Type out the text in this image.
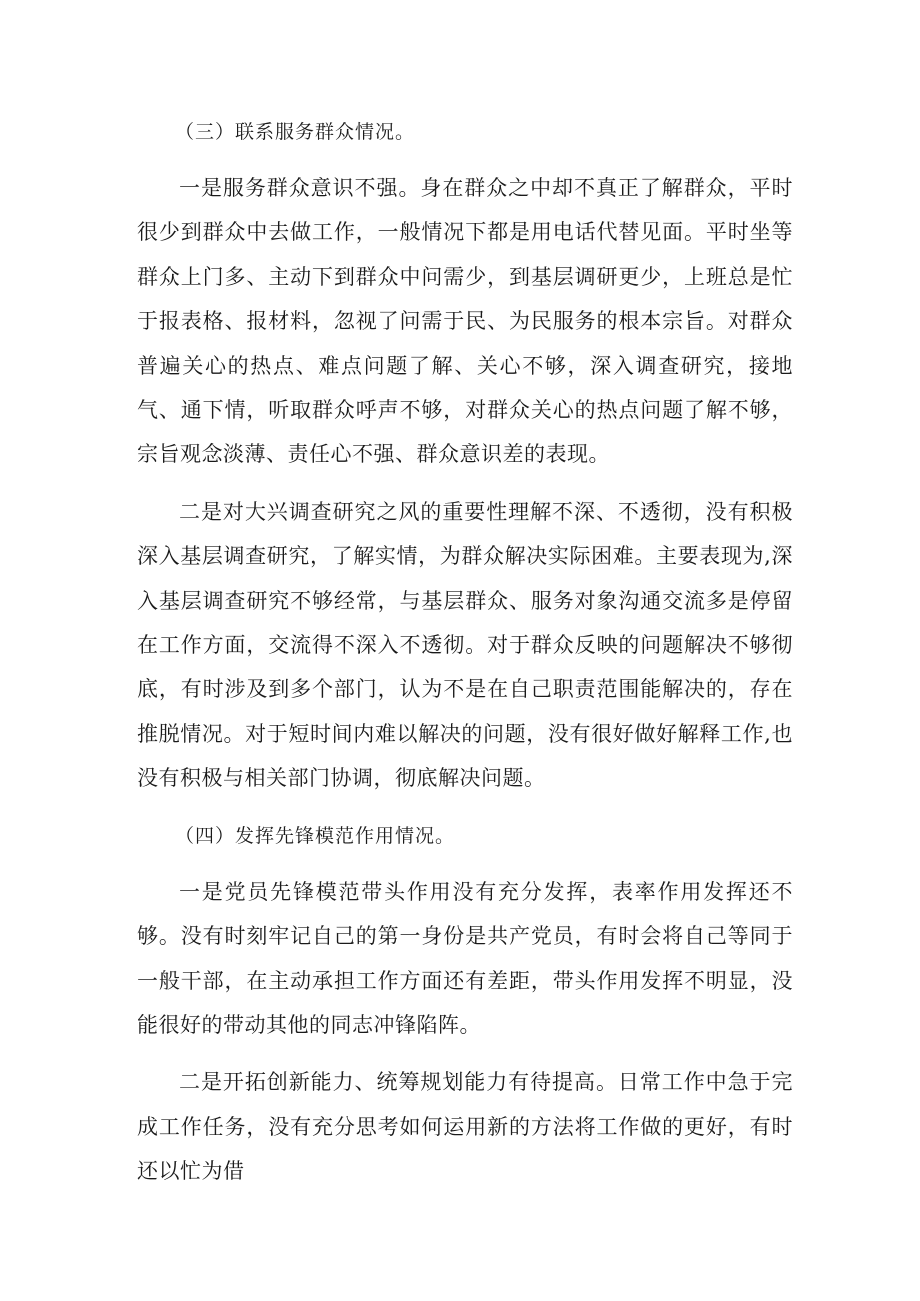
（三）联系服务群众情况。

一是服务群众意识不强。身在群众之中却不真正了解群众，平时很少到群众中去做工作，一般情况下都是用电话代替见面。平时坐等群众上门多、主动下到群众中问需少，到基层调研更少，上班总是忙于报表格、报材料，忽视了问需于民、为民服务的根本宗旨。对群众普遍关心的热点、难点问题了解、关心不够，深入调查研究，接地气、通下情，听取群众呼声不够，对群众关心的热点问题了解不够，宗旨观念淡薄、责任心不强、群众意识差的表现。

二是对大兴调查研究之风的重要性理解不深、不透彻，没有积极深入基层调查研究，了解实情，为群众解决实际困难。主要表现为,深入基层调查研究不够经常，与基层群众、服务对象沟通交流多是停留在工作方面，交流得不深入不透彻。对于群众反映的问题解决不够彻底，有时涉及到多个部门，认为不是在自己职责范围能解决的，存在推脱情况。对于短时间内难以解决的问题，没有很好做好解释工作,也没有积极与相关部门协调，彻底解决问题。

（四）发挥先锋模范作用情况。

一是党员先锋模范带头作用没有充分发挥，表率作用发挥还不够。没有时刻牢记自己的第一身份是共产党员，有时会将自己等同于一般干部，在主动承担工作方面还有差距，带头作用发挥不明显，没能很好的带动其他的同志冲锋陷阵。

二是开拓创新能力、统筹规划能力有待提高。日常工作中急于完成工作任务，没有充分思考如何运用新的方法将工作做的更好，有时还以忙为借
